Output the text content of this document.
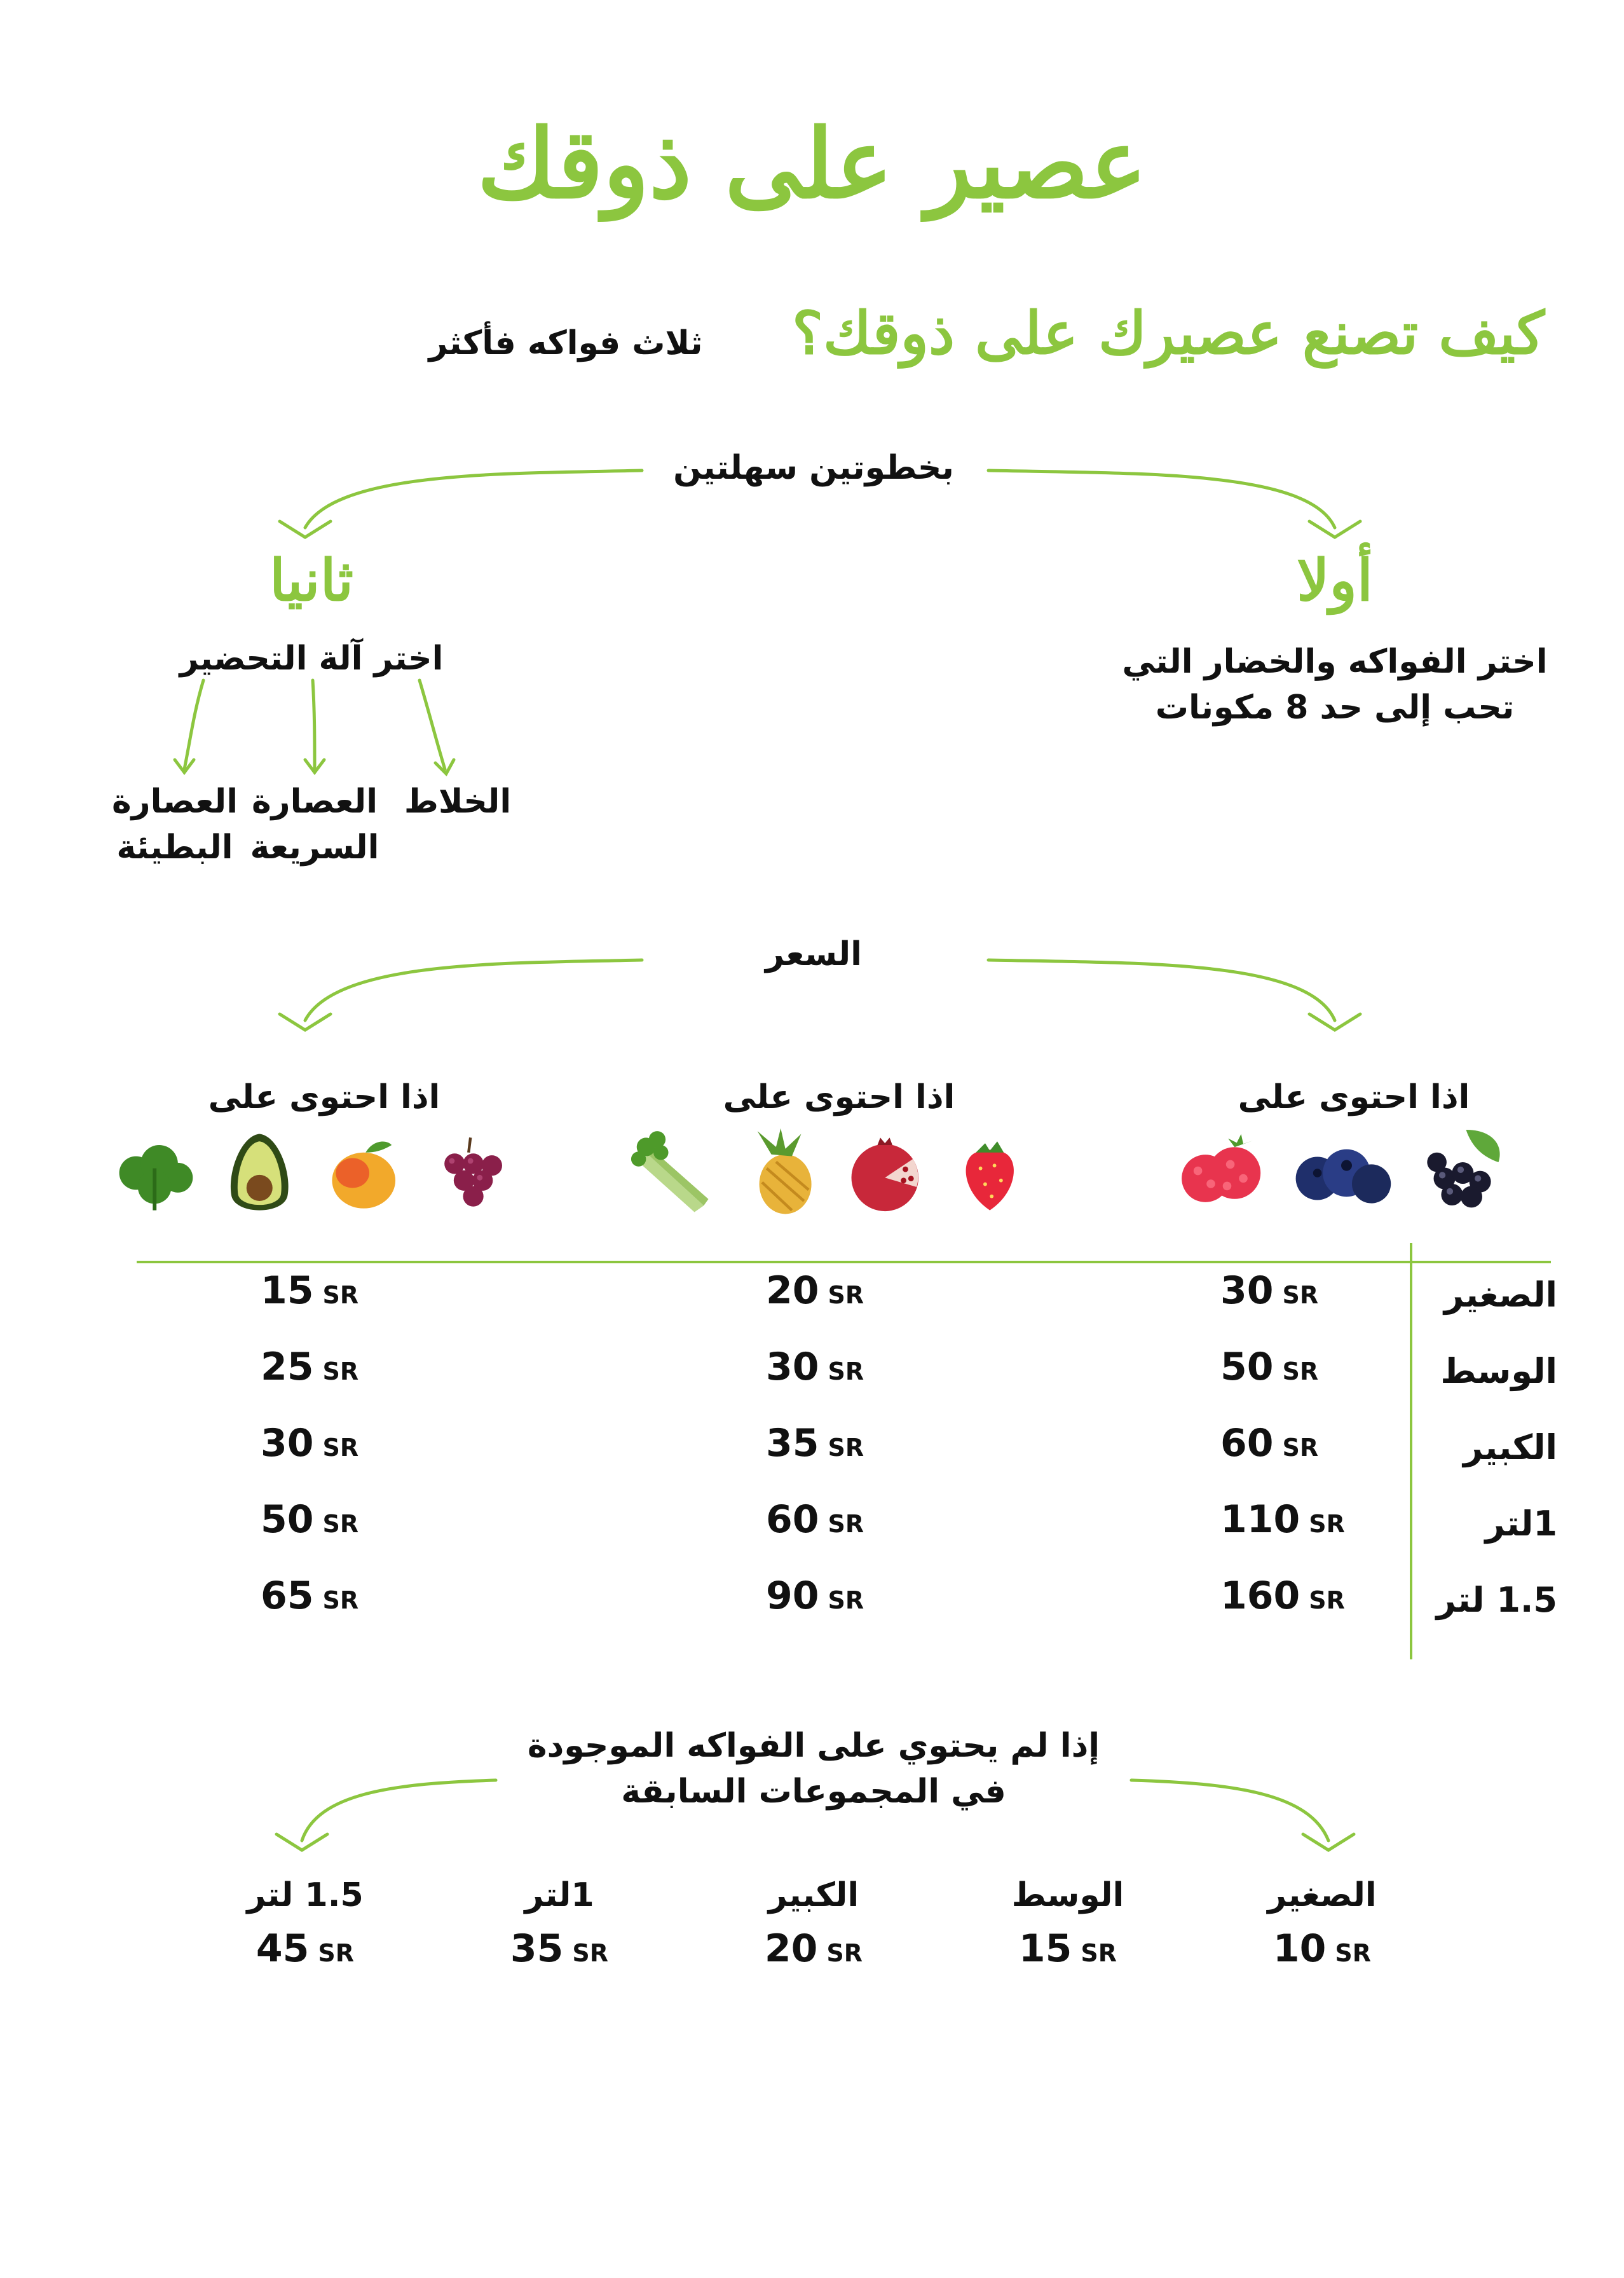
عصير على ذوقك
كيف تصنع عصيرك على ذوقك؟
ثلاث فواكه فأكثر
بخطوتين سهلتين
أولا
اختر الفواكه والخضار التي
تحب إلى حد 8 مكونات
ثانيا
اختر آلة التحضير
الخلاط
العصارة
السريعة
العصارة
البطيئة
السعر
اذا احتوى على
اذا احتوى على
اذا احتوى على
الصغير
الوسط
الكبير
1لتر
1.5 لتر
30 SR
50 SR
60 SR
110 SR
160 SR
20 SR
30 SR
35 SR
60 SR
90 SR
15 SR
25 SR
30 SR
50 SR
65 SR
إذا لم يحتوي على الفواكه الموجودة
في المجموعات السابقة
الصغير
الوسط
الكبير
1لتر
1.5 لتر
10 SR
15 SR
20 SR
35 SR
45 SR
